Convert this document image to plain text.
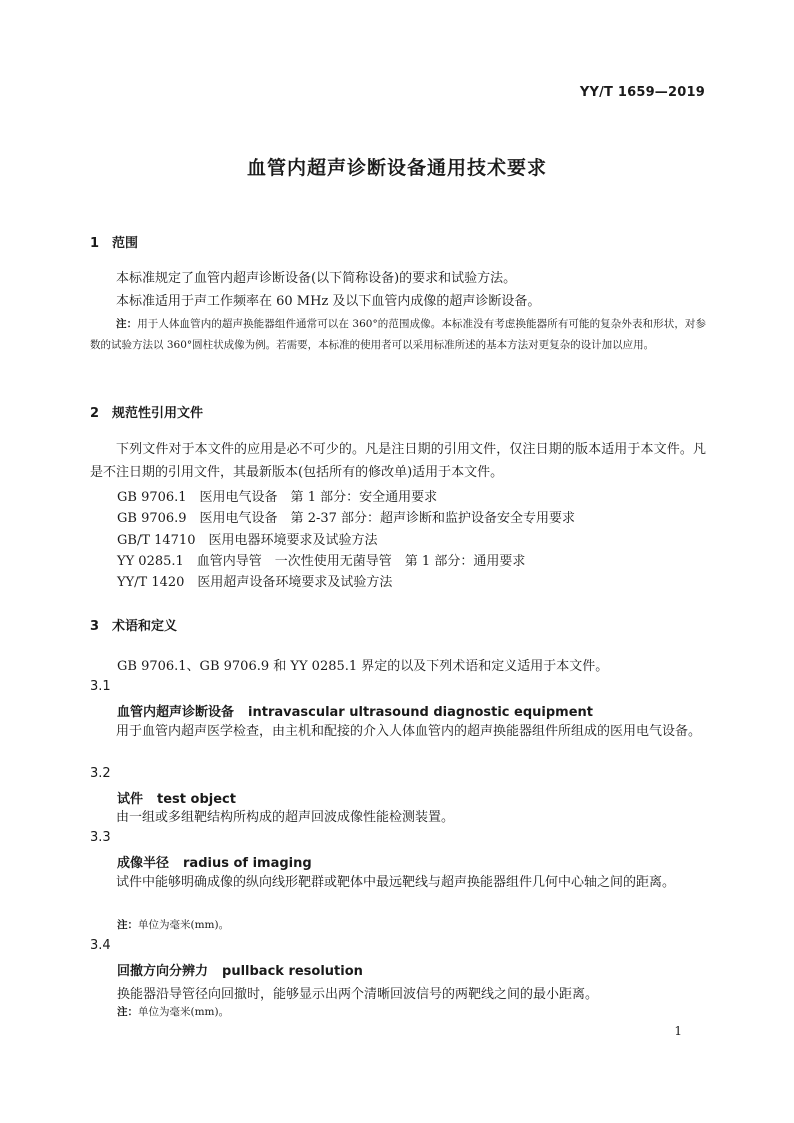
YY/T 1659—2019
血管内超声诊断设备通用技术要求
1 范围
本标准规定了血管内超声诊断设备(以下简称设备)的要求和试验方法。
本标准适用于声工作频率在 60 MHz 及以下血管内成像的超声诊断设备。
注：用于人体血管内的超声换能器组件通常可以在 360°的范围成像。本标准没有考虑换能器所有可能的复杂外表和形状，对参数的试验方法以 360°圆柱状成像为例。若需要，本标准的使用者可以采用标准所述的基本方法对更复杂的设计加以应用。
2 规范性引用文件
下列文件对于本文件的应用是必不可少的。凡是注日期的引用文件，仅注日期的版本适用于本文件。凡是不注日期的引用文件，其最新版本(包括所有的修改单)适用于本文件。
GB 9706.1　医用电气设备　第 1 部分：安全通用要求
GB 9706.9　医用电气设备　第 2-37 部分：超声诊断和监护设备安全专用要求
GB/T 14710　医用电器环境要求及试验方法
YY 0285.1　血管内导管　一次性使用无菌导管　第 1 部分：通用要求
YY/T 1420　医用超声设备环境要求及试验方法
3 术语和定义
GB 9706.1、GB 9706.9 和 YY 0285.1 界定的以及下列术语和定义适用于本文件。
3.1
血管内超声诊断设备 intravascular ultrasound diagnostic equipment
用于血管内超声医学检查，由主机和配接的介入人体血管内的超声换能器组件所组成的医用电气设备。
3.2
试件 test object
由一组或多组靶结构所构成的超声回波成像性能检测装置。
3.3
成像半径 radius of imaging
试件中能够明确成像的纵向线形靶群或靶体中最远靶线与超声换能器组件几何中心轴之间的距离。
注：单位为毫米(mm)。
3.4
回撤方向分辨力 pullback resolution
换能器沿导管径向回撤时，能够显示出两个清晰回波信号的两靶线之间的最小距离。
注：单位为毫米(mm)。
1
